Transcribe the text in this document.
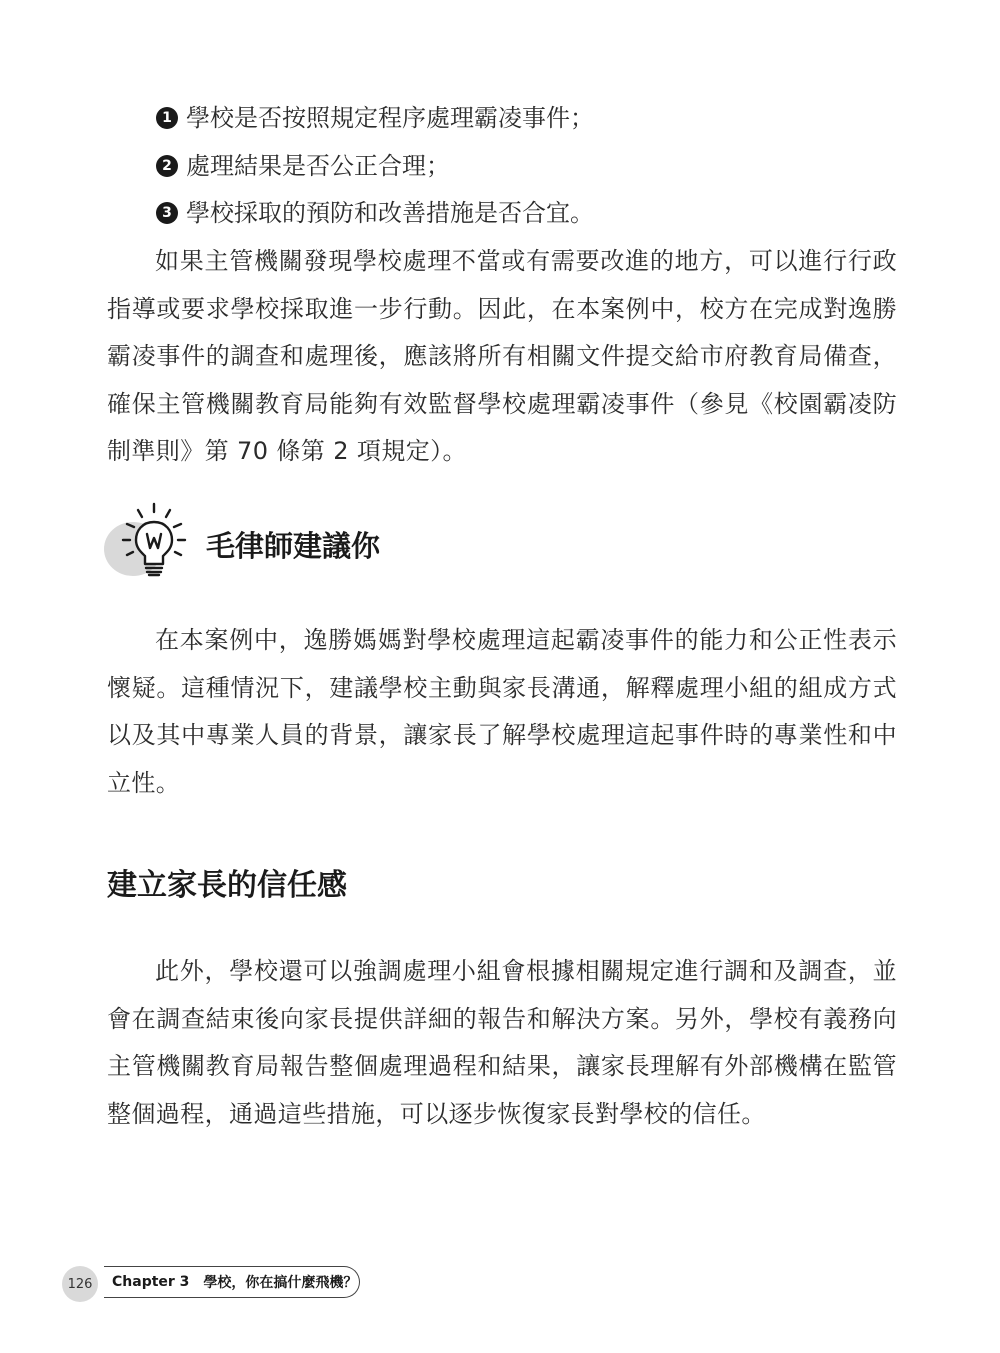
1 學校是否按照規定程序處理霸凌事件；
2 處理結果是否公正合理；
3 學校採取的預防和改善措施是否合宜。

如果主管機關發現學校處理不當或有需要改進的地方，可以進行行政指導或要求學校採取進一步行動。因此，在本案例中，校方在完成對逸勝霸凌事件的調查和處理後，應該將所有相關文件提交給市府教育局備查，確保主管機關教育局能夠有效監督學校處理霸凌事件（參見《校園霸凌防制準則》第 70 條第 2 項規定）。

毛律師建議你

在本案例中，逸勝媽媽對學校處理這起霸凌事件的能力和公正性表示懷疑。這種情況下，建議學校主動與家長溝通，解釋處理小組的組成方式以及其中專業人員的背景，讓家長了解學校處理這起事件時的專業性和中立性。

建立家長的信任感

此外，學校還可以強調處理小組會根據相關規定進行調和及調查，並會在調查結束後向家長提供詳細的報告和解決方案。另外，學校有義務向主管機關教育局報告整個處理過程和結果，讓家長理解有外部機構在監管整個過程，通過這些措施，可以逐步恢復家長對學校的信任。

126	Chapter 3 學校，你在搞什麼飛機？
